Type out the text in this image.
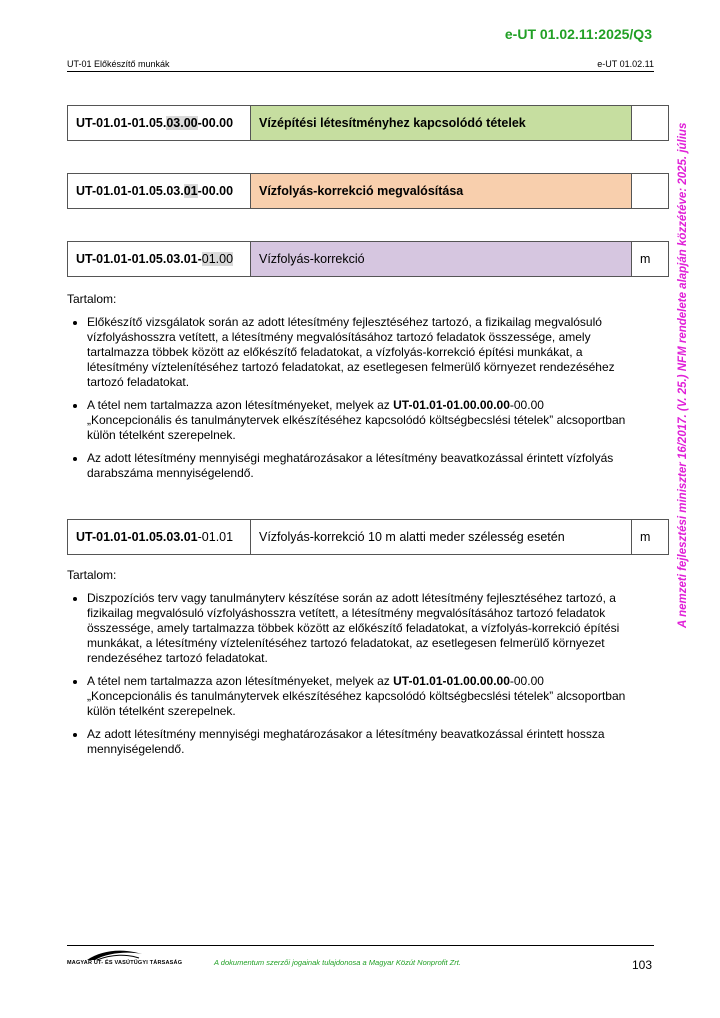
e-UT 01.02.11:2025/Q3
UT-01 Előkészítő munkák	e-UT 01.02.11
A nemzeti fejlesztési miniszter 16/2017. (V. 25.) NFM rendelete alapján közzétéve: 2025. július
UT-01.01-01.05.03.00-00.00	Vízépítési létesítményhez kapcsolódó tételek	
UT-01.01-01.05.03.01-00.00	Vízfolyás-korrekció megvalósítása	
UT-01.01-01.05.03.01-01.00	Vízfolyás-korrekció	m

Tartalom:

• Előkészítő vizsgálatok során az adott létesítmény fejlesztéséhez tartozó, a fizikailag megvalósuló vízfolyáshosszra vetített, a létesítmény megvalósításához tartozó feladatok összessége, amely tartalmazza többek között az előkészítő feladatokat, a vízfolyás-korrekció építési munkákat, a létesítmény víztelenítéséhez tartozó feladatokat, az esetlegesen felmerülő környezet rendezéséhez tartozó feladatokat.
• A tétel nem tartalmazza azon létesítményeket, melyek az UT-01.01-01.00.00.00-00.00 „Koncepcionális és tanulmánytervek elkészítéséhez kapcsolódó költségbecslési tételek” alcsoportban külön tételként szerepelnek.
• Az adott létesítmény mennyiségi meghatározásakor a létesítmény beavatkozással érintett vízfolyás darabszáma mennyiségelendő.
UT-01.01-01.05.03.01-01.01	Vízfolyás-korrekció 10 m alatti meder szélesség esetén	m

Tartalom:

• Diszpozíciós terv vagy tanulmányterv készítése során az adott létesítmény fejlesztéséhez tartozó, a fizikailag megvalósuló vízfolyáshosszra vetített, a létesítmény megvalósításához tartozó feladatok összessége, amely tartalmazza többek között az előkészítő feladatokat, a vízfolyás-korrekció építési munkákat, a létesítmény víztelenítéséhez tartozó feladatokat, az esetlegesen felmerülő környezet rendezéséhez tartozó feladatokat.
• A tétel nem tartalmazza azon létesítményeket, melyek az UT-01.01-01.00.00.00-00.00 „Koncepcionális és tanulmánytervek elkészítéséhez kapcsolódó költségbecslési tételek” alcsoportban külön tételként szerepelnek.
• Az adott létesítmény mennyiségi meghatározásakor a létesítmény beavatkozással érintett hossza mennyiségelendő.
MAGYAR ÚT- ÉS VASÚTÜGYI TÁRSASÁG	A dokumentum szerzői jogainak tulajdonosa a Magyar Közút Nonprofit Zrt.	103
